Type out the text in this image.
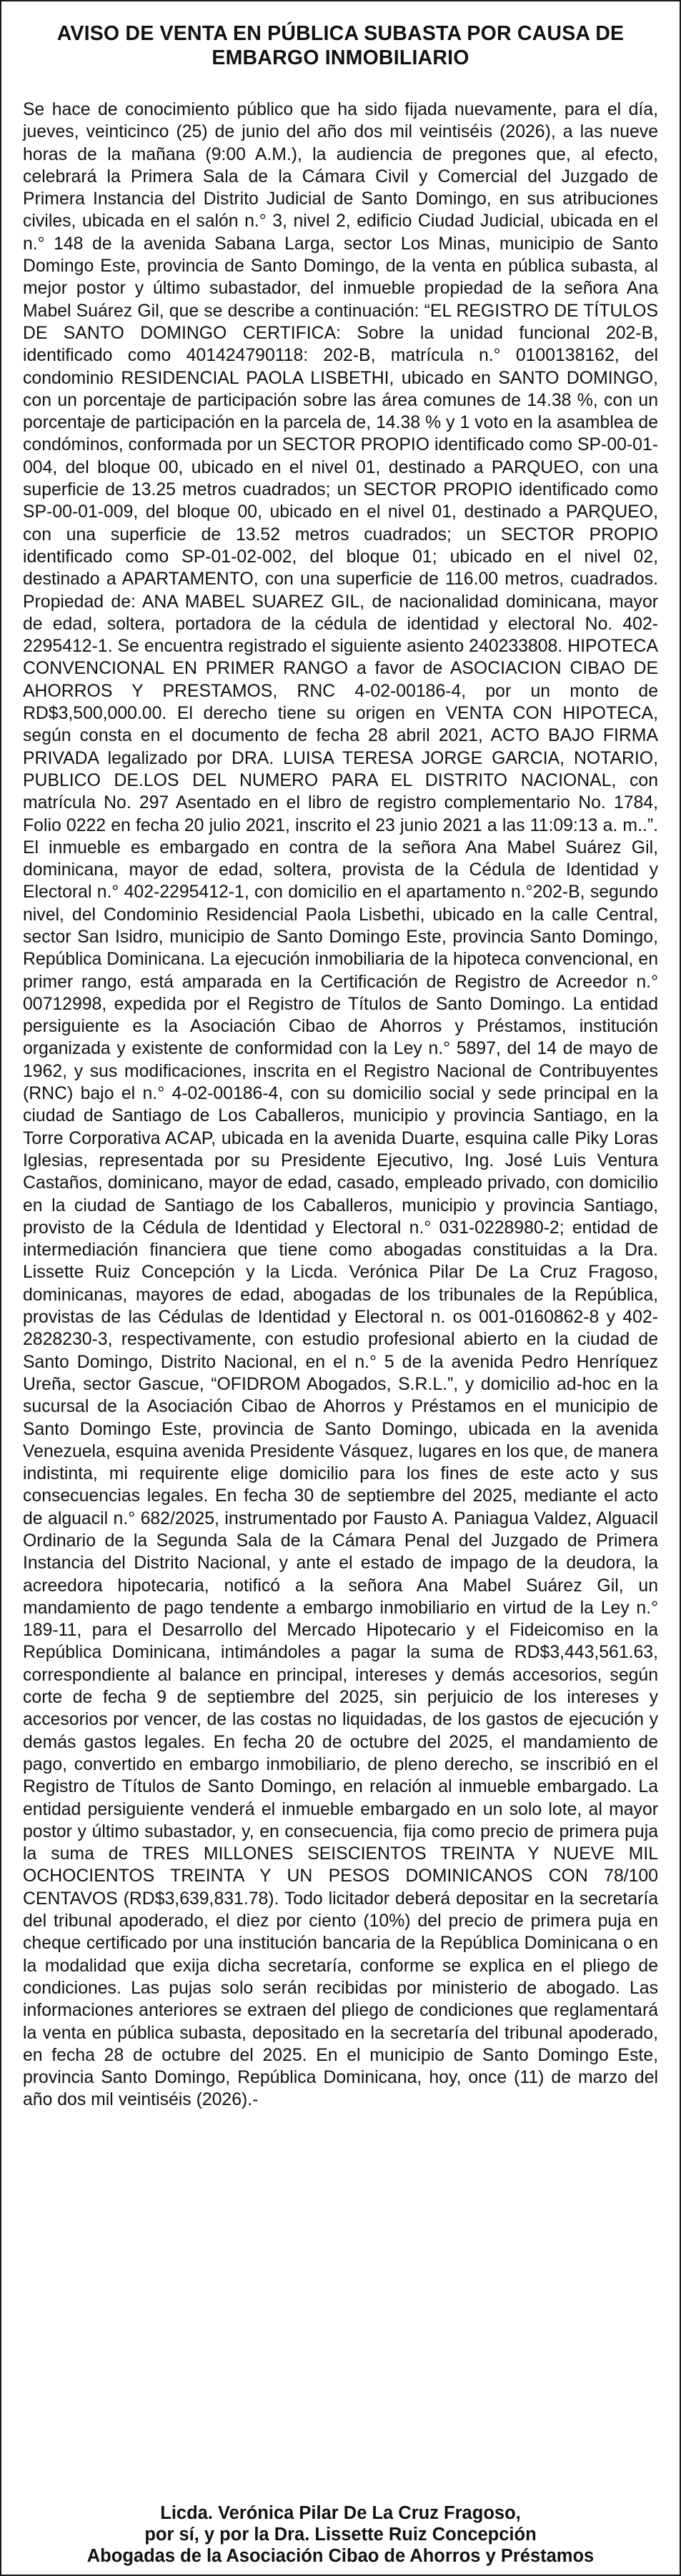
AVISO DE VENTA EN PÚBLICA SUBASTA POR CAUSA DE
EMBARGO INMOBILIARIO

Se hace de conocimiento público que ha sido fijada nuevamente, para el día, jueves, veinticinco (25) de junio del año dos mil veintiséis (2026), a las nueve horas de la mañana (9:00 A.M.), la audiencia de pregones que, al efecto, celebrará la Primera Sala de la Cámara Civil y Comercial del Juzgado de Primera Instancia del Distrito Judicial de Santo Domingo, en sus atribuciones civiles, ubicada en el salón n.° 3, nivel 2, edificio Ciudad Judicial, ubicada en el n.° 148 de la avenida Sabana Larga, sector Los Minas, municipio de Santo Domingo Este, provincia de Santo Domingo, de la venta en pública subasta, al mejor postor y último subastador, del inmueble propiedad de la señora Ana Mabel Suárez Gil, que se describe a continuación: “EL REGISTRO DE TÍTULOS DE SANTO DOMINGO CERTIFICA: Sobre la unidad funcional 202-B, identificado como 401424790118: 202-B, matrícula n.° 0100138162, del condominio RESIDENCIAL PAOLA LISBETHI, ubicado en SANTO DOMINGO, con un porcentaje de participación sobre las área comunes de 14.38 %, con un porcentaje de participación en la parcela de, 14.38 % y 1 voto en la asamblea de condóminos, conformada por un SECTOR PROPIO identificado como SP-00-01-004, del bloque 00, ubicado en el nivel 01, destinado a PARQUEO, con una superficie de 13.25 metros cuadrados; un SECTOR PROPIO identificado como SP-00-01-009, del bloque 00, ubicado en el nivel 01, destinado a PARQUEO, con una superficie de 13.52 metros cuadrados; un SECTOR PROPIO identificado como SP-01-02-002, del bloque 01; ubicado en el nivel 02, destinado a APARTAMENTO, con una superficie de 116.00 metros, cuadrados. Propiedad de: ANA MABEL SUAREZ GIL, de nacionalidad dominicana, mayor de edad, soltera, portadora de la cédula de identidad y electoral No. 402-2295412-1. Se encuentra registrado el siguiente asiento 240233808. HIPOTECA CONVENCIONAL EN PRIMER RANGO a favor de ASOCIACION CIBAO DE AHORROS Y PRESTAMOS, RNC 4-02-00186-4, por un monto de RD$3,500,000.00. El derecho tiene su origen en VENTA CON HIPOTECA, según consta en el documento de fecha 28 abril 2021, ACTO BAJO FIRMA PRIVADA legalizado por DRA. LUISA TERESA JORGE GARCIA, NOTARIO, PUBLICO DE.LOS DEL NUMERO PARA EL DISTRITO NACIONAL, con matrícula No. 297 Asentado en el libro de registro complementario No. 1784, Folio 0222 en fecha 20 julio 2021, inscrito el 23 junio 2021 a las 11:09:13 a. m..”. El inmueble es embargado en contra de la señora Ana Mabel Suárez Gil, dominicana, mayor de edad, soltera, provista de la Cédula de Identidad y Electoral n.° 402-2295412-1, con domicilio en el apartamento n.°202-B, segundo nivel, del Condominio Residencial Paola Lisbethi, ubicado en la calle Central, sector San Isidro, municipio de Santo Domingo Este, provincia Santo Domingo, República Dominicana. La ejecución inmobiliaria de la hipoteca convencional, en primer rango, está amparada en la Certificación de Registro de Acreedor n.° 00712998, expedida por el Registro de Títulos de Santo Domingo. La entidad persiguiente es la Asociación Cibao de Ahorros y Préstamos, institución organizada y existente de conformidad con la Ley n.° 5897, del 14 de mayo de 1962, y sus modificaciones, inscrita en el Registro Nacional de Contribuyentes (RNC) bajo el n.° 4-02-00186-4, con su domicilio social y sede principal en la ciudad de Santiago de Los Caballeros, municipio y provincia Santiago, en la Torre Corporativa ACAP, ubicada en la avenida Duarte, esquina calle Piky Loras Iglesias, representada por su Presidente Ejecutivo, Ing. José Luis Ventura Castaños, dominicano, mayor de edad, casado, empleado privado, con domicilio en la ciudad de Santiago de los Caballeros, municipio y provincia Santiago, provisto de la Cédula de Identidad y Electoral n.° 031-0228980-2; entidad de intermediación financiera que tiene como abogadas constituidas a la Dra. Lissette Ruiz Concepción y la Licda. Verónica Pilar De La Cruz Fragoso, dominicanas, mayores de edad, abogadas de los tribunales de la República, provistas de las Cédulas de Identidad y Electoral n. os 001-0160862-8 y 402-2828230-3, respectivamente, con estudio profesional abierto en la ciudad de Santo Domingo, Distrito Nacional, en el n.° 5 de la avenida Pedro Henríquez Ureña, sector Gascue, “OFIDROM Abogados, S.R.L.”, y domicilio ad-hoc en la sucursal de la Asociación Cibao de Ahorros y Préstamos en el municipio de Santo Domingo Este, provincia de Santo Domingo, ubicada en la avenida Venezuela, esquina avenida Presidente Vásquez, lugares en los que, de manera indistinta, mi requirente elige domicilio para los fines de este acto y sus consecuencias legales. En fecha 30 de septiembre del 2025, mediante el acto de alguacil n.° 682/2025, instrumentado por Fausto A. Paniagua Valdez, Alguacil Ordinario de la Segunda Sala de la Cámara Penal del Juzgado de Primera Instancia del Distrito Nacional, y ante el estado de impago de la deudora, la acreedora hipotecaria, notificó a la señora Ana Mabel Suárez Gil, un mandamiento de pago tendente a embargo inmobiliario en virtud de la Ley n.° 189-11, para el Desarrollo del Mercado Hipotecario y el Fideicomiso en la República Dominicana, intimándoles a pagar la suma de RD$3,443,561.63, correspondiente al balance en principal, intereses y demás accesorios, según corte de fecha 9 de septiembre del 2025, sin perjuicio de los intereses y accesorios por vencer, de las costas no liquidadas, de los gastos de ejecución y demás gastos legales. En fecha 20 de octubre del 2025, el mandamiento de pago, convertido en embargo inmobiliario, de pleno derecho, se inscribió en el Registro de Títulos de Santo Domingo, en relación al inmueble embargado. La entidad persiguiente venderá el inmueble embargado en un solo lote, al mayor postor y último subastador, y, en consecuencia, fija como precio de primera puja la suma de TRES MILLONES SEISCIENTOS TREINTA Y NUEVE MIL OCHOCIENTOS TREINTA Y UN PESOS DOMINICANOS CON 78/100 CENTAVOS (RD$3,639,831.78). Todo licitador deberá depositar en la secretaría del tribunal apoderado, el diez por ciento (10%) del precio de primera puja en cheque certificado por una institución bancaria de la República Dominicana o en la modalidad que exija dicha secretaría, conforme se explica en el pliego de condiciones. Las pujas solo serán recibidas por ministerio de abogado. Las informaciones anteriores se extraen del pliego de condiciones que reglamentará la venta en pública subasta, depositado en la secretaría del tribunal apoderado, en fecha 28 de octubre del 2025. En el municipio de Santo Domingo Este, provincia Santo Domingo, República Dominicana, hoy, once (11) de marzo del año dos mil veintiséis (2026).-

Licda. Verónica Pilar De La Cruz Fragoso,
por sí, y por la Dra. Lissette Ruiz Concepción
Abogadas de la Asociación Cibao de Ahorros y Préstamos
